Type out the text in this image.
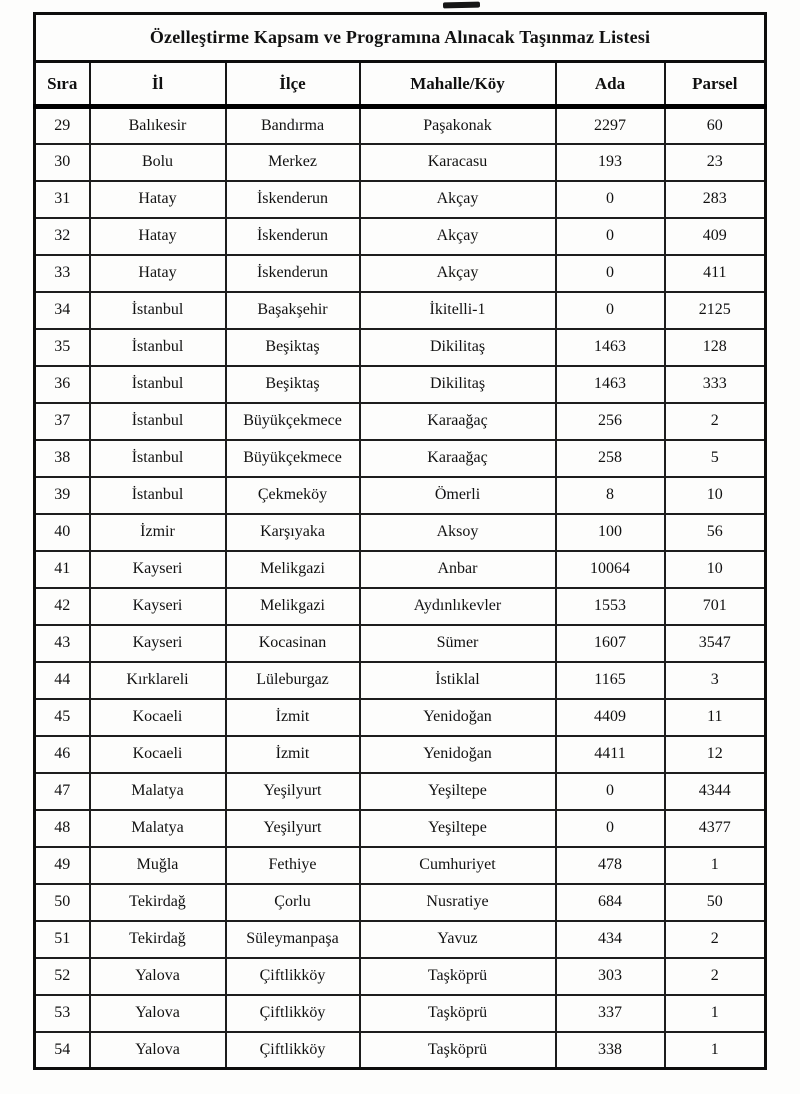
Özelleştirme Kapsam ve Programına Alınacak Taşınmaz Listesi					
Sıra	İl	İlçe	Mahalle/Köy	Ada	Parsel
29	Balıkesir	Bandırma	Paşakonak	2297	60
30	Bolu	Merkez	Karacasu	193	23
31	Hatay	İskenderun	Akçay	0	283
32	Hatay	İskenderun	Akçay	0	409
33	Hatay	İskenderun	Akçay	0	411
34	İstanbul	Başakşehir	İkitelli-1	0	2125
35	İstanbul	Beşiktaş	Dikilitaş	1463	128
36	İstanbul	Beşiktaş	Dikilitaş	1463	333
37	İstanbul	Büyükçekmece	Karaağaç	256	2
38	İstanbul	Büyükçekmece	Karaağaç	258	5
39	İstanbul	Çekmeköy	Ömerli	8	10
40	İzmir	Karşıyaka	Aksoy	100	56
41	Kayseri	Melikgazi	Anbar	10064	10
42	Kayseri	Melikgazi	Aydınlıkevler	1553	701
43	Kayseri	Kocasinan	Sümer	1607	3547
44	Kırklareli	Lüleburgaz	İstiklal	1165	3
45	Kocaeli	İzmit	Yenidoğan	4409	11
46	Kocaeli	İzmit	Yenidoğan	4411	12
47	Malatya	Yeşilyurt	Yeşiltepe	0	4344
48	Malatya	Yeşilyurt	Yeşiltepe	0	4377
49	Muğla	Fethiye	Cumhuriyet	478	1
50	Tekirdağ	Çorlu	Nusratiye	684	50
51	Tekirdağ	Süleymanpaşa	Yavuz	434	2
52	Yalova	Çiftlikköy	Taşköprü	303	2
53	Yalova	Çiftlikköy	Taşköprü	337	1
54	Yalova	Çiftlikköy	Taşköprü	338	1
